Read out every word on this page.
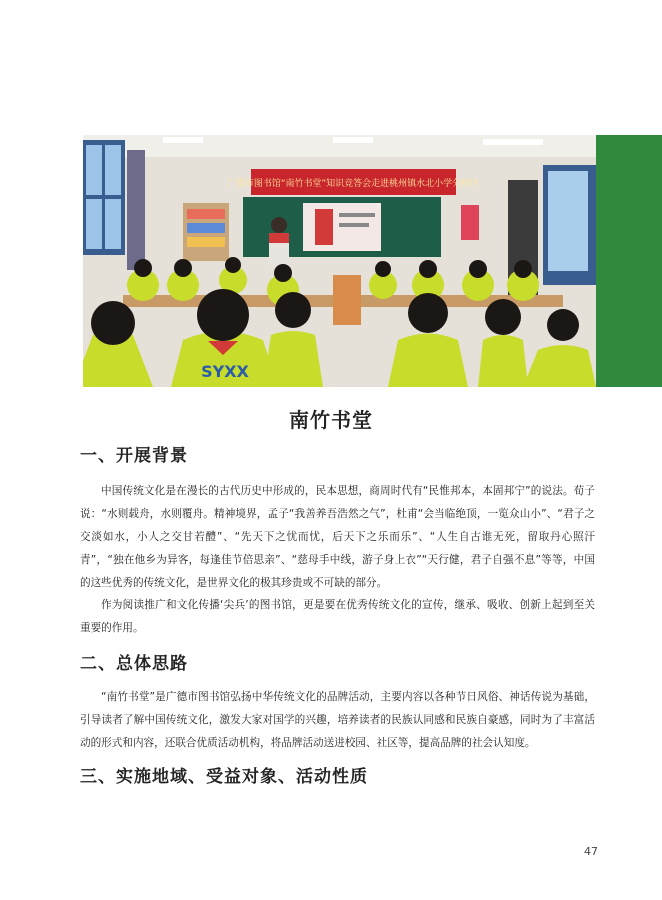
广德市图书馆“南竹书堂”知识竞答会走进桃州镇水北小学分校区
SYXX
南竹书堂
一、开展背景

中国传统文化是在漫长的古代历史中形成的，民本思想，商周时代有“民惟邦本，本固邦宁”的说法。荀子说：“水则载舟，水则覆舟。精神境界，孟子“我善养吾浩然之气”，杜甫“会当临绝顶，一览众山小”、“君子之交淡如水，小人之交甘若醴”、“先天下之忧而忧，后天下之乐而乐”、“人生自古谁无死，留取丹心照汗青”，“独在他乡为异客，每逢佳节倍思亲”、“慈母手中线，游子身上衣”“天行健，君子自强不息”等等，中国的这些优秀的传统文化，是世界文化的极其珍贵或不可缺的部分。

作为阅读推广和文化传播‘尖兵’的图书馆，更是要在优秀传统文化的宣传，继承、吸收、创新上起到至关重要的作用。

二、总体思路

“南竹书堂”是广德市图书馆弘扬中华传统文化的品牌活动，主要内容以各种节日风俗、神话传说为基础，引导读者了解中国传统文化，激发大家对国学的兴趣，培养读者的民族认同感和民族自豪感，同时为了丰富活动的形式和内容，还联合优质活动机构，将品牌活动送进校园、社区等，提高品牌的社会认知度。

三、实施地域、受益对象、活动性质
47
